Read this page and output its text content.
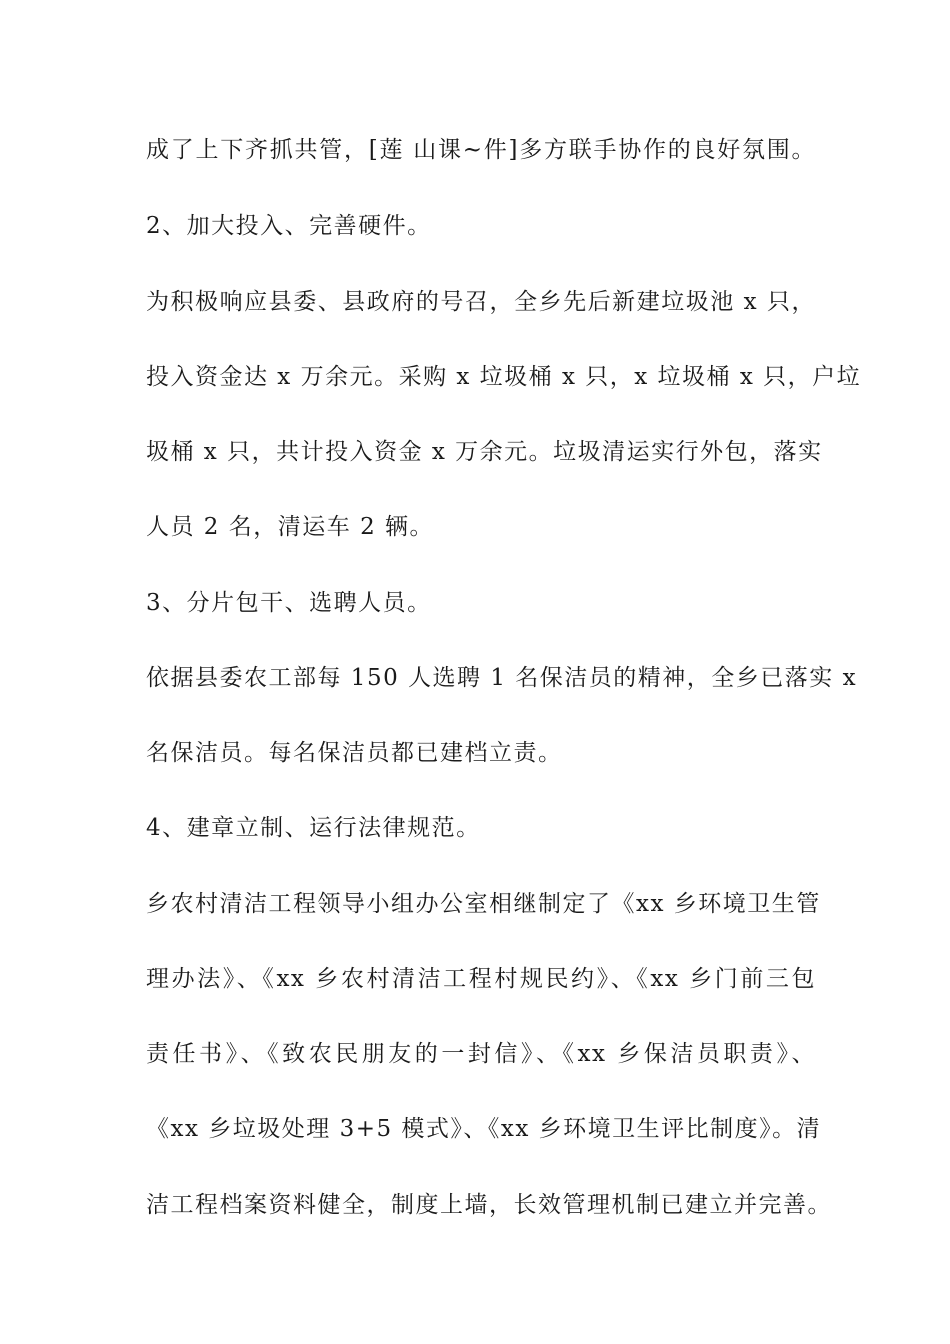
成了上下齐抓共管，[莲 山课~件]多方联手协作的良好氛围。
2、加大投入、完善硬件。
为积极响应县委、县政府的号召，全乡先后新建垃圾池 x 只，
投入资金达 x 万余元。采购 x 垃圾桶 x 只，x 垃圾桶 x 只，户垃
圾桶 x 只，共计投入资金 x 万余元。垃圾清运实行外包，落实
人员 2 名，清运车 2 辆。
3、分片包干、选聘人员。
依据县委农工部每 150 人选聘 1 名保洁员的精神，全乡已落实 x
名保洁员。每名保洁员都已建档立责。
4、建章立制、运行法律规范。
乡农村清洁工程领导小组办公室相继制定了《xx 乡环境卫生管
理办法》、《xx 乡农村清洁工程村规民约》、《xx 乡门前三包
责任书》、《致农民朋友的一封信》、《xx 乡保洁员职责》、
《xx 乡垃圾处理 3+5 模式》、《xx 乡环境卫生评比制度》。清
洁工程档案资料健全，制度上墙，长效管理机制已建立并完善。
